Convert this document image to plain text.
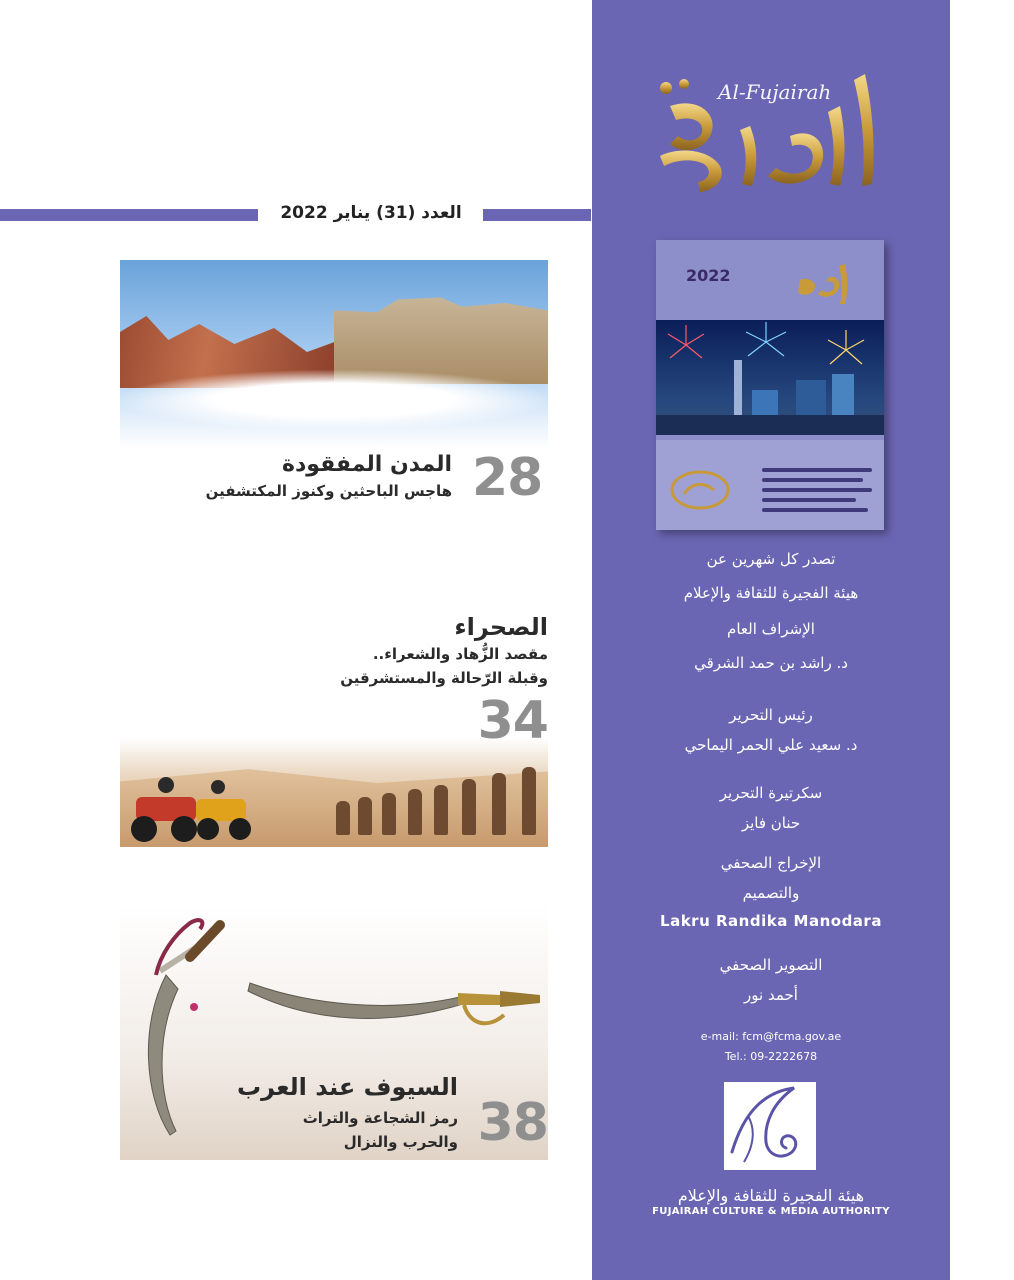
Al-Fujairah
العدد (31) يناير 2022
2022
تصدر كل شهرين عن
هيئة الفجيرة للثقافة والإعلام
الإشراف العام
د. راشد بن حمد الشرقي
رئيس التحرير
د. سعيد علي الحمر اليماحي
سكرتيرة التحرير
حنان فايز
الإخراج الصحفي
والتصميم
Lakru Randika Manodara
التصوير الصحفي
أحمد نور
e-mail: fcm@fcma.gov.ae
Tel.: 09-2222678
هيئة الفجيرة للثقافة والإعلام
FUJAIRAH CULTURE & MEDIA AUTHORITY
28
المدن المفقودة
هاجس الباحثين وكنوز المكتشفين
الصحراء
مقصد الزُّهاد والشعراء..
وقبلة الرّحالة والمستشرقين
34
السيوف عند العرب
رمز الشجاعة والتراث
والحرب والنزال 38
